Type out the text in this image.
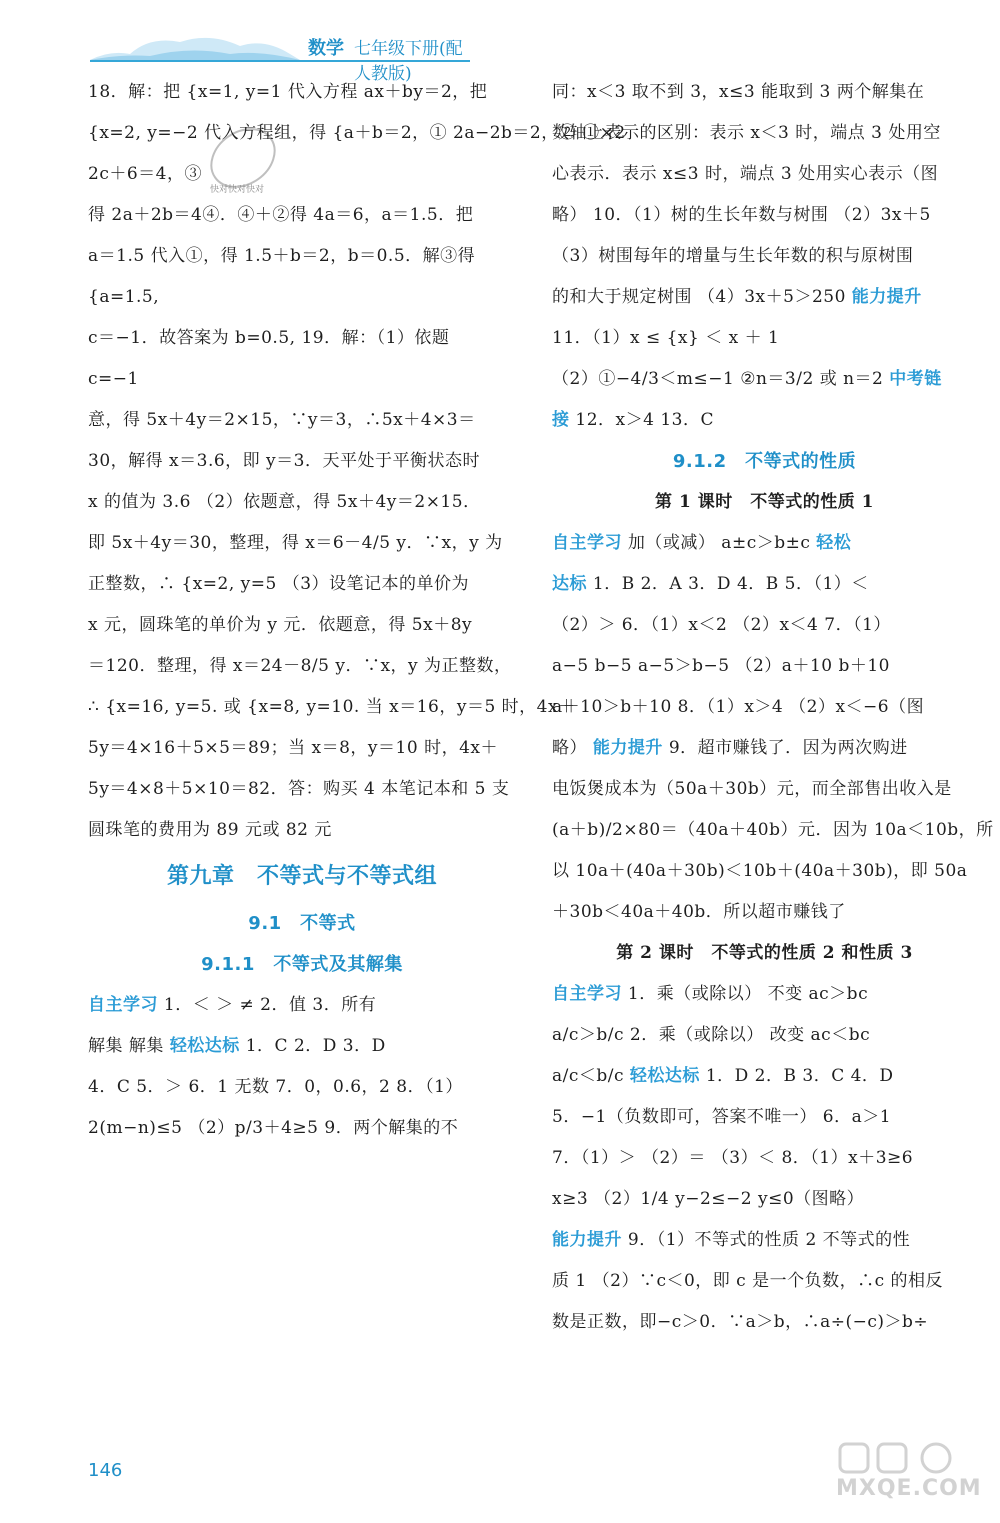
数学 七年级下册(配人教版)
快对快对快对
18．解：把 {x=1, y=1 代入方程 ax＋by＝2，把
{x=2, y=−2 代入方程组，得 {a＋b＝2，① 2a−2b＝2，② ①×2
2c＋6＝4，③
得 2a＋2b＝4④．④＋②得 4a＝6，a＝1.5．把
a＝1.5 代入①，得 1.5＋b＝2，b＝0.5．解③得
{a=1.5,
c＝−1．故答案为 b=0.5, 19．解：（1）依题
c=−1
意，得 5x＋4y＝2×15，∵y＝3，∴5x＋4×3＝
30，解得 x＝3.6，即 y＝3．天平处于平衡状态时
x 的值为 3.6 （2）依题意，得 5x＋4y＝2×15．
即 5x＋4y＝30，整理，得 x＝6－4/5 y．∵x，y 为
正整数，∴ {x=2, y=5 （3）设笔记本的单价为
x 元，圆珠笔的单价为 y 元．依题意，得 5x＋8y
＝120．整理，得 x＝24－8/5 y．∵x，y 为正整数，
∴ {x=16, y=5. 或 {x=8, y=10. 当 x＝16，y＝5 时，4x＋
5y＝4×16＋5×5＝89；当 x＝8，y＝10 时，4x＋
5y＝4×8＋5×10＝82．答：购买 4 本笔记本和 5 支
圆珠笔的费用为 89 元或 82 元
第九章　不等式与不等式组
9.1　不等式
9.1.1　不等式及其解集
自主学习 1．＜ ＞ ≠ 2．值 3．所有
解集 解集 轻松达标 1．C 2．D 3．D
4．C 5．＞ 6．1 无数 7．0，0.6，2 8．（1）
2(m−n)≤5 （2）p/3＋4≥5 9．两个解集的不
同：x＜3 取不到 3，x≤3 能取到 3 两个解集在
数轴上表示的区别：表示 x＜3 时，端点 3 处用空
心表示．表示 x≤3 时，端点 3 处用实心表示（图
略） 10．（1）树的生长年数与树围 （2）3x＋5
（3）树围每年的增量与生长年数的积与原树围
的和大于规定树围 （4）3x＋5＞250 能力提升
11．（1）x ≤ {x} ＜ x ＋ 1
（2）①−4/3＜m≤−1 ②n＝3/2 或 n＝2 中考链
接 12．x＞4 13．C
9.1.2　不等式的性质
第 1 课时　不等式的性质 1
自主学习 加（或减） a±c＞b±c 轻松
达标 1．B 2．A 3．D 4．B 5．（1）＜
（2）＞ 6．（1）x＜2 （2）x＜4 7．（1）
a−5 b−5 a−5＞b−5 （2）a＋10 b＋10
a＋10＞b＋10 8．（1）x＞4 （2）x＜−6（图
略） 能力提升 9．超市赚钱了．因为两次购进
电饭煲成本为（50a＋30b）元，而全部售出收入是
(a＋b)/2×80＝（40a＋40b）元．因为 10a＜10b，所
以 10a＋(40a＋30b)＜10b＋(40a＋30b)，即 50a
＋30b＜40a＋40b．所以超市赚钱了
第 2 课时　不等式的性质 2 和性质 3
自主学习 1．乘（或除以） 不变 ac＞bc
a/c＞b/c 2．乘（或除以） 改变 ac＜bc
a/c＜b/c 轻松达标 1．D 2．B 3．C 4．D
5．−1（负数即可，答案不唯一） 6．a＞1
7．（1）＞ （2）＝ （3）＜ 8．（1）x＋3≥6
x≥3 （2）1/4 y−2≤−2 y≤0（图略）
能力提升 9．（1）不等式的性质 2 不等式的性
质 1 （2）∵c＜0，即 c 是一个负数，∴c 的相反
数是正数，即−c＞0．∵a＞b，∴a÷(−c)＞b÷
146
MXQE.COM
